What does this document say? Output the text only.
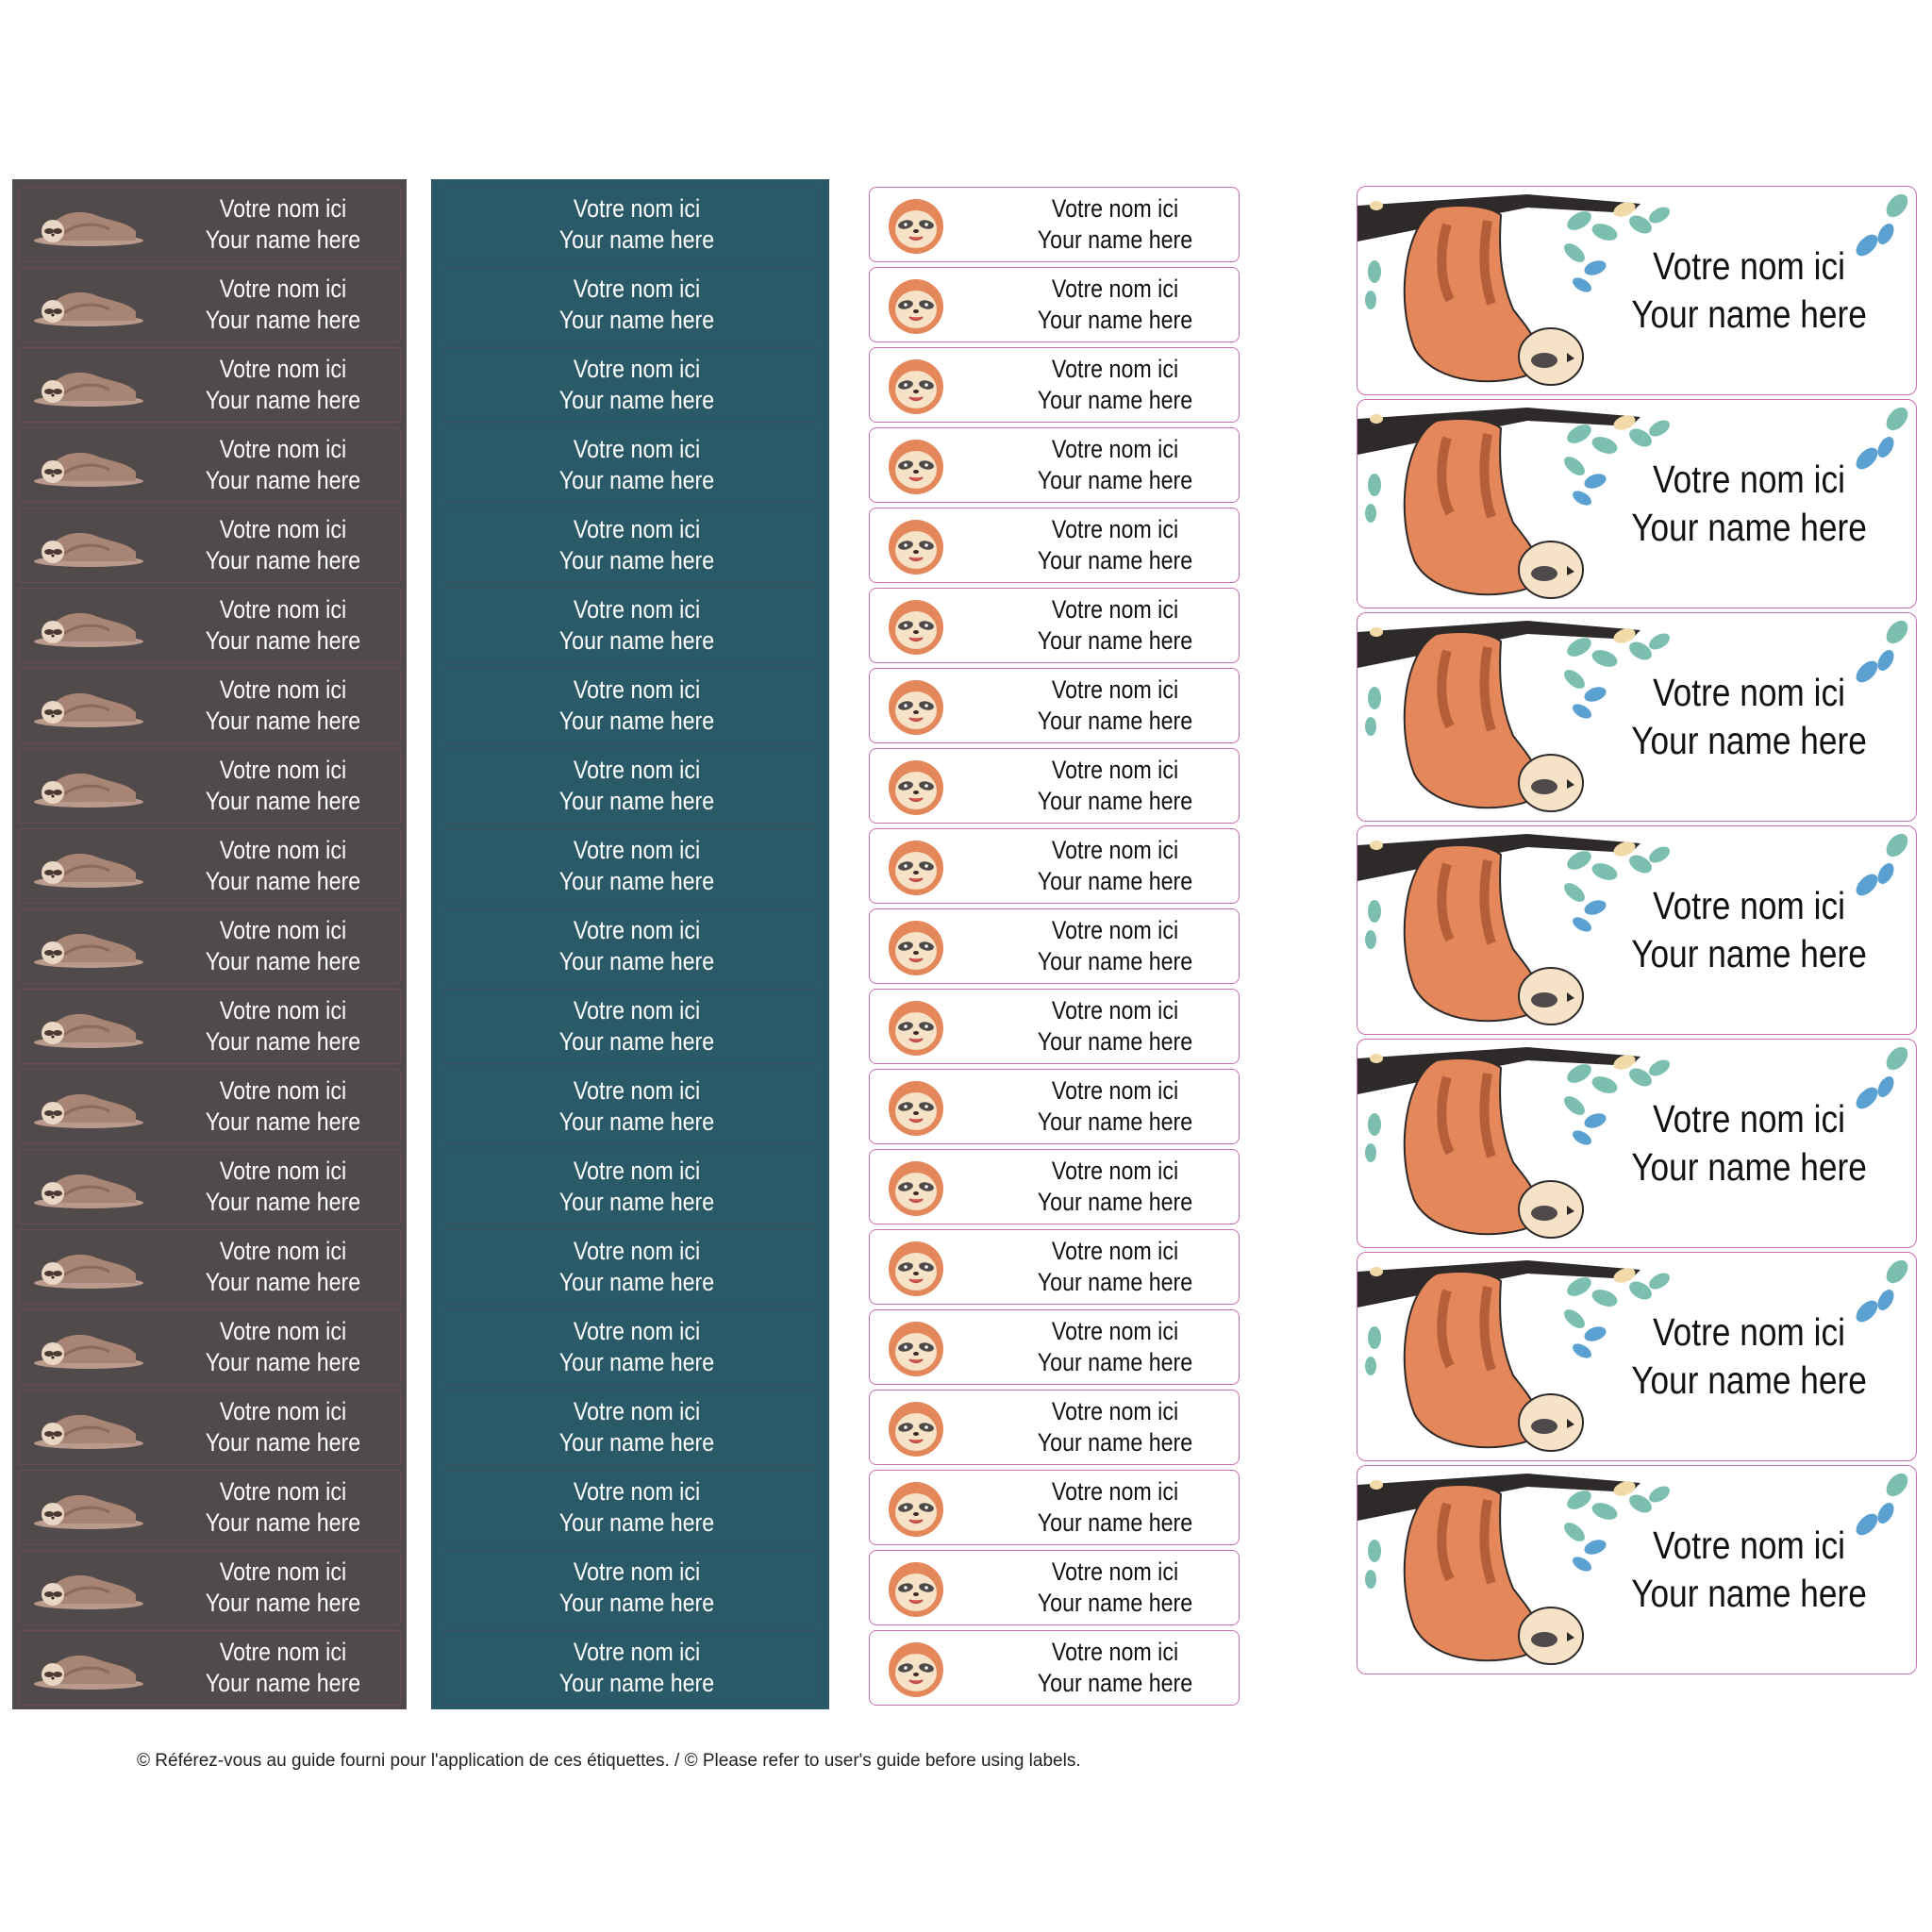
Votre nom ici
Your name here
Votre nom ici
Your name here
Votre nom ici
Your name here
Votre nom ici
Your name here
Votre nom ici
Your name here
Votre nom ici
Your name here
Votre nom ici
Your name here
Votre nom ici
Your name here
Votre nom ici
Your name here
Votre nom ici
Your name here
Votre nom ici
Your name here
Votre nom ici
Your name here
Votre nom ici
Your name here
Votre nom ici
Your name here
Votre nom ici
Your name here
Votre nom ici
Your name here
Votre nom ici
Your name here
Votre nom ici
Your name here
Votre nom ici
Your name here
Votre nom ici
Your name here
Votre nom ici
Your name here
Votre nom ici
Your name here
Votre nom ici
Your name here
Votre nom ici
Your name here
Votre nom ici
Your name here
Votre nom ici
Your name here
Votre nom ici
Your name here
Votre nom ici
Your name here
Votre nom ici
Your name here
Votre nom ici
Your name here
Votre nom ici
Your name here
Votre nom ici
Your name here
Votre nom ici
Your name here
Votre nom ici
Your name here
Votre nom ici
Your name here
Votre nom ici
Your name here
Votre nom ici
Your name here
Votre nom ici
Your name here
Votre nom ici
Your name here
Votre nom ici
Your name here
Votre nom ici
Your name here
Votre nom ici
Your name here
Votre nom ici
Your name here
Votre nom ici
Your name here
Votre nom ici
Your name here
Votre nom ici
Your name here
Votre nom ici
Your name here
Votre nom ici
Your name here
Votre nom ici
Your name here
Votre nom ici
Your name here
Votre nom ici
Your name here
Votre nom ici
Your name here
Votre nom ici
Your name here
Votre nom ici
Your name here
Votre nom ici
Your name here
Votre nom ici
Your name here
Votre nom ici
Your name here
Votre nom ici
Your name here
Votre nom ici
Your name here
Votre nom ici
Your name here
Votre nom ici
Your name here
Votre nom ici
Your name here
Votre nom ici
Your name here
Votre nom ici
Your name here
© Référez-vous au guide fourni pour l'application de ces étiquettes. / © Please refer to user's guide before using labels.
